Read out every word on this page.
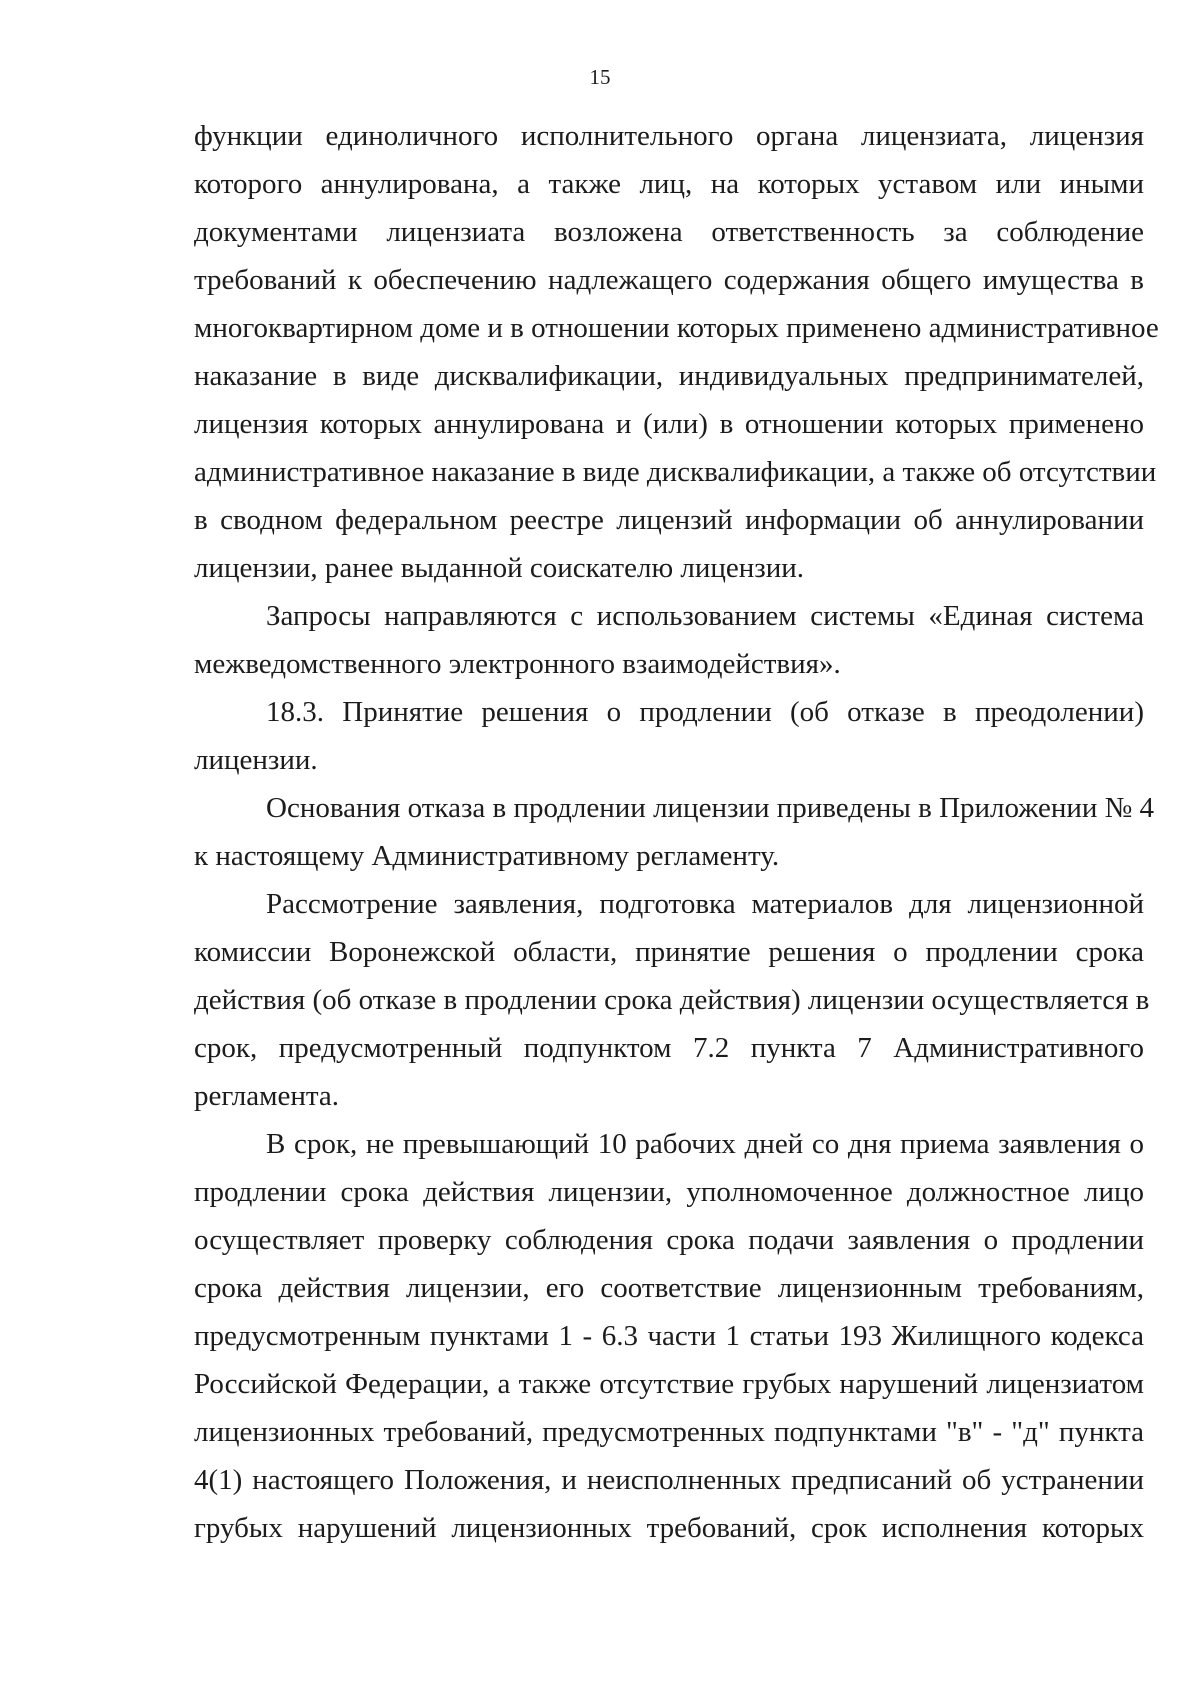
15
функции единоличного исполнительного органа лицензиата, лицензия
которого аннулирована, а также лиц, на которых уставом или иными
документами лицензиата возложена ответственность за соблюдение
требований к обеспечению надлежащего содержания общего имущества в
многоквартирном доме и в отношении которых применено административное
наказание в виде дисквалификации, индивидуальных предпринимателей,
лицензия которых аннулирована и (или) в отношении которых применено
административное наказание в виде дисквалификации, а также об отсутствии
в сводном федеральном реестре лицензий информации об аннулировании
лицензии, ранее выданной соискателю лицензии.
Запросы направляются с использованием системы «Единая система
межведомственного электронного взаимодействия».
18.3. Принятие решения о продлении (об отказе в преодолении)
лицензии.
Основания отказа в продлении лицензии приведены в Приложении № 4
к настоящему Административному регламенту.
Рассмотрение заявления, подготовка материалов для лицензионной
комиссии Воронежской области, принятие решения о продлении срока
действия (об отказе в продлении срока действия) лицензии осуществляется в
срок, предусмотренный подпунктом 7.2 пункта 7 Административного
регламента.
В срок, не превышающий 10 рабочих дней со дня приема заявления о
продлении срока действия лицензии, уполномоченное должностное лицо
осуществляет проверку соблюдения срока подачи заявления о продлении
срока действия лицензии, его соответствие лицензионным требованиям,
предусмотренным пунктами 1 - 6.3 части 1 статьи 193 Жилищного кодекса
Российской Федерации, а также отсутствие грубых нарушений лицензиатом
лицензионных требований, предусмотренных подпунктами "в" - "д" пункта
4(1) настоящего Положения, и неисполненных предписаний об устранении
грубых нарушений лицензионных требований, срок исполнения которых
